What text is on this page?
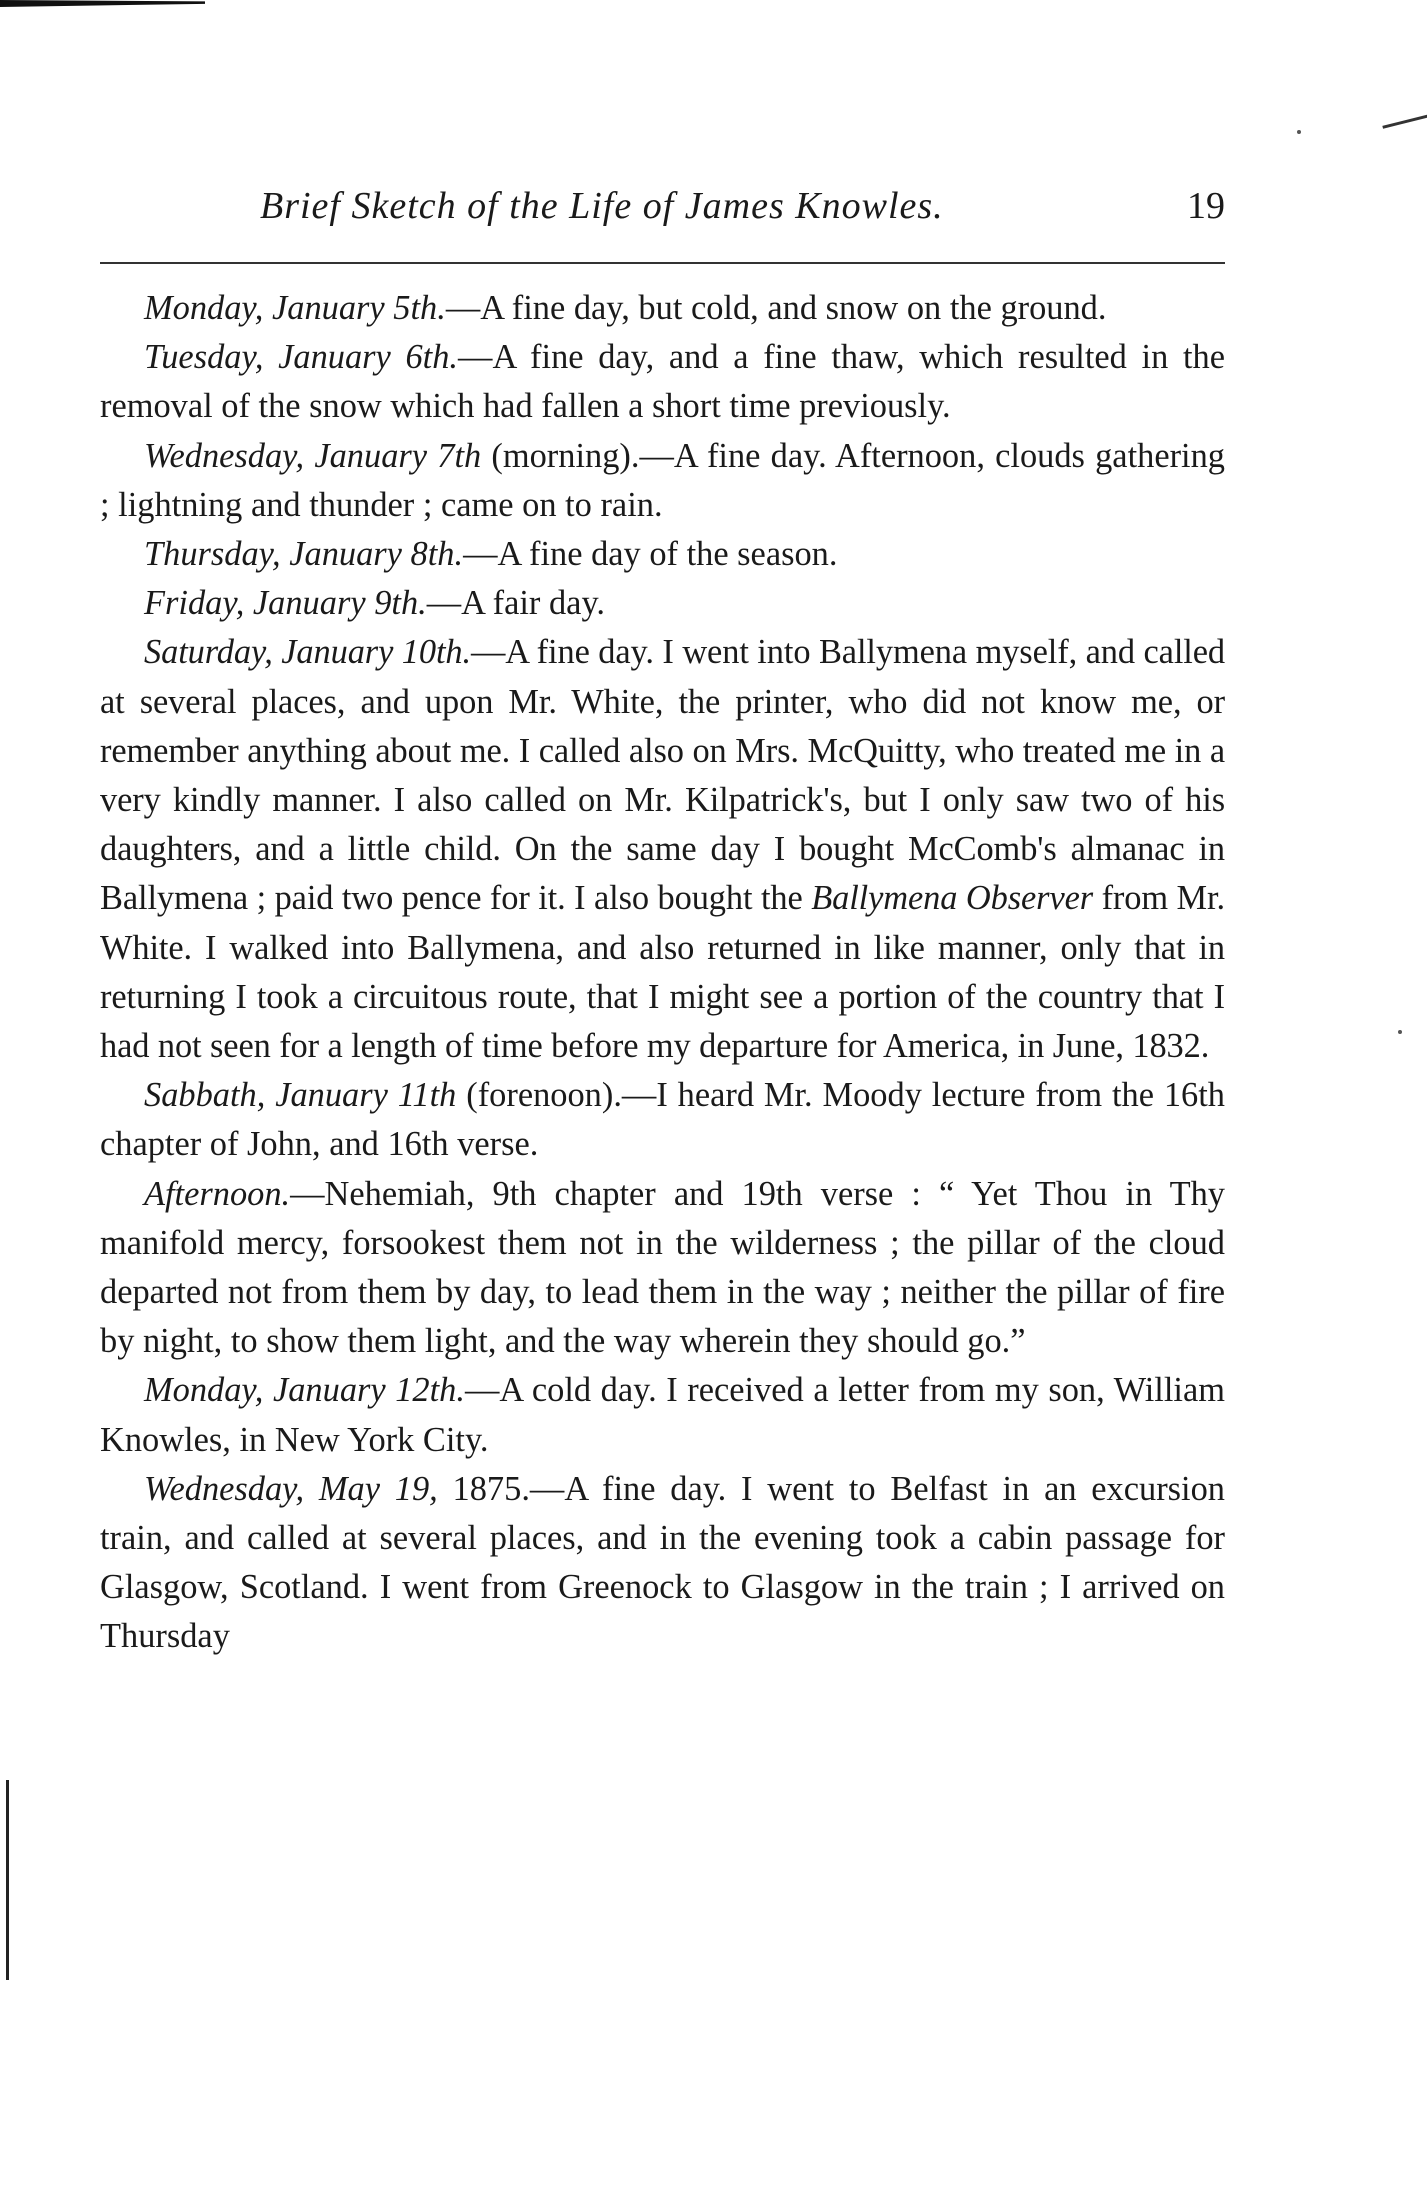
Brief Sketch of the Life of James Knowles.	19

Monday, January 5th.—A fine day, but cold, and snow on the ground.

Tuesday, January 6th.—A fine day, and a fine thaw, which resulted in the removal of the snow which had fallen a short time previously.

Wednesday, January 7th (morning).—A fine day. Afternoon, clouds gathering ; lightning and thunder ; came on to rain.

Thursday, January 8th.—A fine day of the season.

Friday, January 9th.—A fair day.

Saturday, January 10th.—A fine day. I went into Ballymena myself, and called at several places, and upon Mr. White, the printer, who did not know me, or remember anything about me. I called also on Mrs. McQuitty, who treated me in a very kindly manner. I also called on Mr. Kilpatrick's, but I only saw two of his daughters, and a little child. On the same day I bought McComb's almanac in Ballymena ; paid two pence for it. I also bought the Ballymena Observer from Mr. White. I walked into Ballymena, and also returned in like manner, only that in returning I took a circuitous route, that I might see a portion of the country that I had not seen for a length of time before my departure for America, in June, 1832.

Sabbath, January 11th (forenoon).—I heard Mr. Moody lecture from the 16th chapter of John, and 16th verse.

Afternoon.—Nehemiah, 9th chapter and 19th verse : “ Yet Thou in Thy manifold mercy, forsookest them not in the wilderness ; the pillar of the cloud departed not from them by day, to lead them in the way ; neither the pillar of fire by night, to show them light, and the way wherein they should go.”

Monday, January 12th.—A cold day. I received a letter from my son, William Knowles, in New York City.

Wednesday, May 19, 1875.—A fine day. I went to Belfast in an excursion train, and called at several places, and in the evening took a cabin passage for Glasgow, Scotland. I went from Greenock to Glasgow in the train ; I arrived on Thursday
